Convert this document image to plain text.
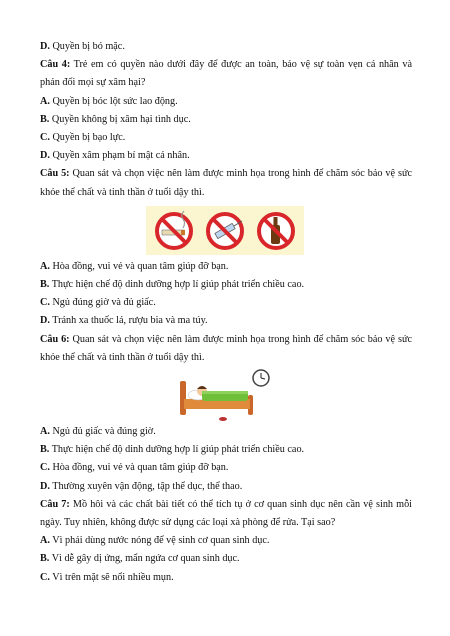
D. Quyền bị bó mặc.
Câu 4: Trẻ em có quyền nào dưới đây để được an toàn, bảo vệ sự toàn vẹn cá nhân và phản đối mọi sự xâm hại?
A. Quyền bị bóc lột sức lao động.
B. Quyền không bị xâm hại tình dục.
C. Quyền bị bạo lực.
D. Quyền xâm phạm bí mật cá nhân.
Câu 5: Quan sát và chọn việc nên làm được minh họa trong hình để chăm sóc bảo vệ sức khỏe thể chất và tinh thần ở tuổi dậy thì.
A. Hòa đồng, vui vẻ và quan tâm giúp đỡ bạn.
B. Thực hiện chế độ dinh dưỡng hợp lí giúp phát triển chiều cao.
C. Ngủ đúng giờ và đủ giấc.
D. Tránh xa thuốc lá, rượu bia và ma túy.
Câu 6: Quan sát và chọn việc nên làm được minh họa trong hình để chăm sóc bảo vệ sức khỏe thể chất và tinh thần ở tuổi dậy thì.
A. Ngủ đủ giấc và đúng giờ.
B. Thực hiện chế độ dinh dưỡng hợp lí giúp phát triển chiều cao.
C. Hòa đồng, vui vẻ và quan tâm giúp đỡ bạn.
D. Thường xuyên vận động, tập thể dục, thể thao.
Câu 7: Mồ hôi và các chất bài tiết có thể tích tụ ở cơ quan sinh dục nên cần vệ sinh mỗi ngày. Tuy nhiên, không được sử dụng các loại xà phòng để rửa. Tại sao?
A. Vì phải dùng nước nóng để vệ sinh cơ quan sinh dục.
B. Vì dễ gây dị ứng, mẩn ngứa cơ quan sinh dục.
C. Vì trên mặt sẽ nổi nhiều mụn.
